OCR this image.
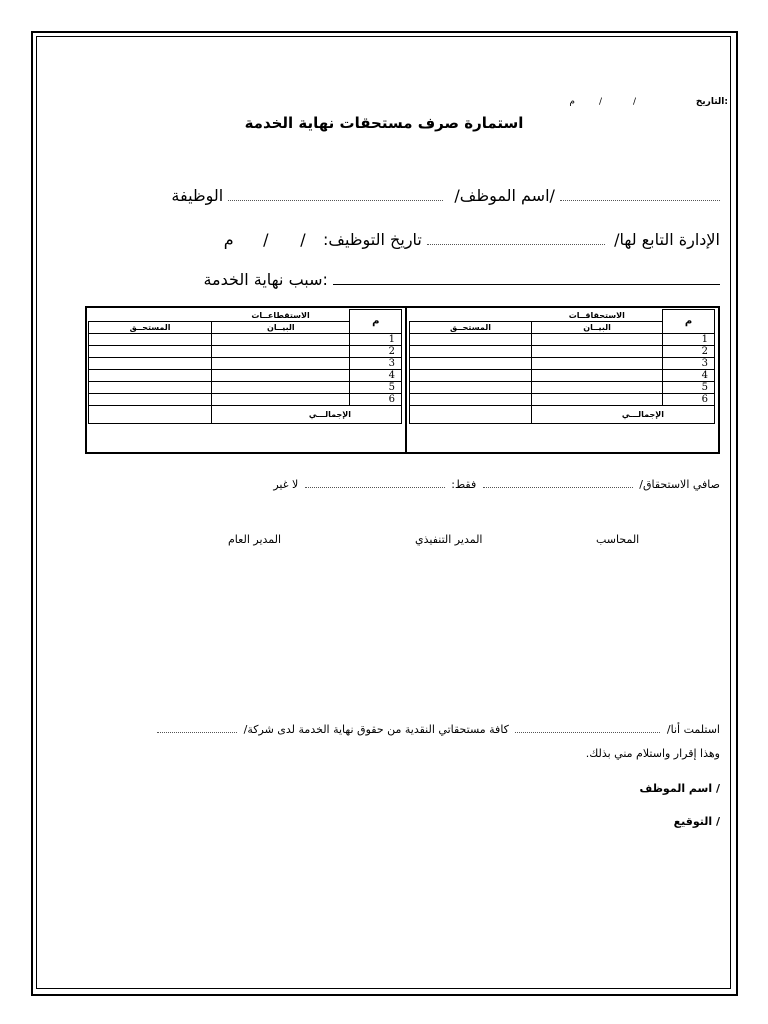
التاريخ:
/
/
م
استمارة صرف مستحقات نهاية الخدمة
/اسم الموظف/  الوظيفة
الإدارة التابع لها/  تاريخ التوظيف: / / م
:سبب نهاية الخدمة
	الاستحقاقــات	م
المستحــق	البيــان	
		1
		2
		3
		4
		5
		6
	الإجمالـــي	
	الاستقطاعــات	م
المستحــق	البيــان	
		1
		2
		3
		4
		5
		6
	الإجمالـــي	
صافي الاستحقاق/  فقط:  لا غير
المحاسب
المدير التنفيذي
المدير العام
استلمت أنا/  كافة مستحقاتي النقدية من حقوق نهاية الخدمة لدى شركة/
وهذا إقرار واستلام مني بذلك.
/ اسم الموظف
/ التوقيع
